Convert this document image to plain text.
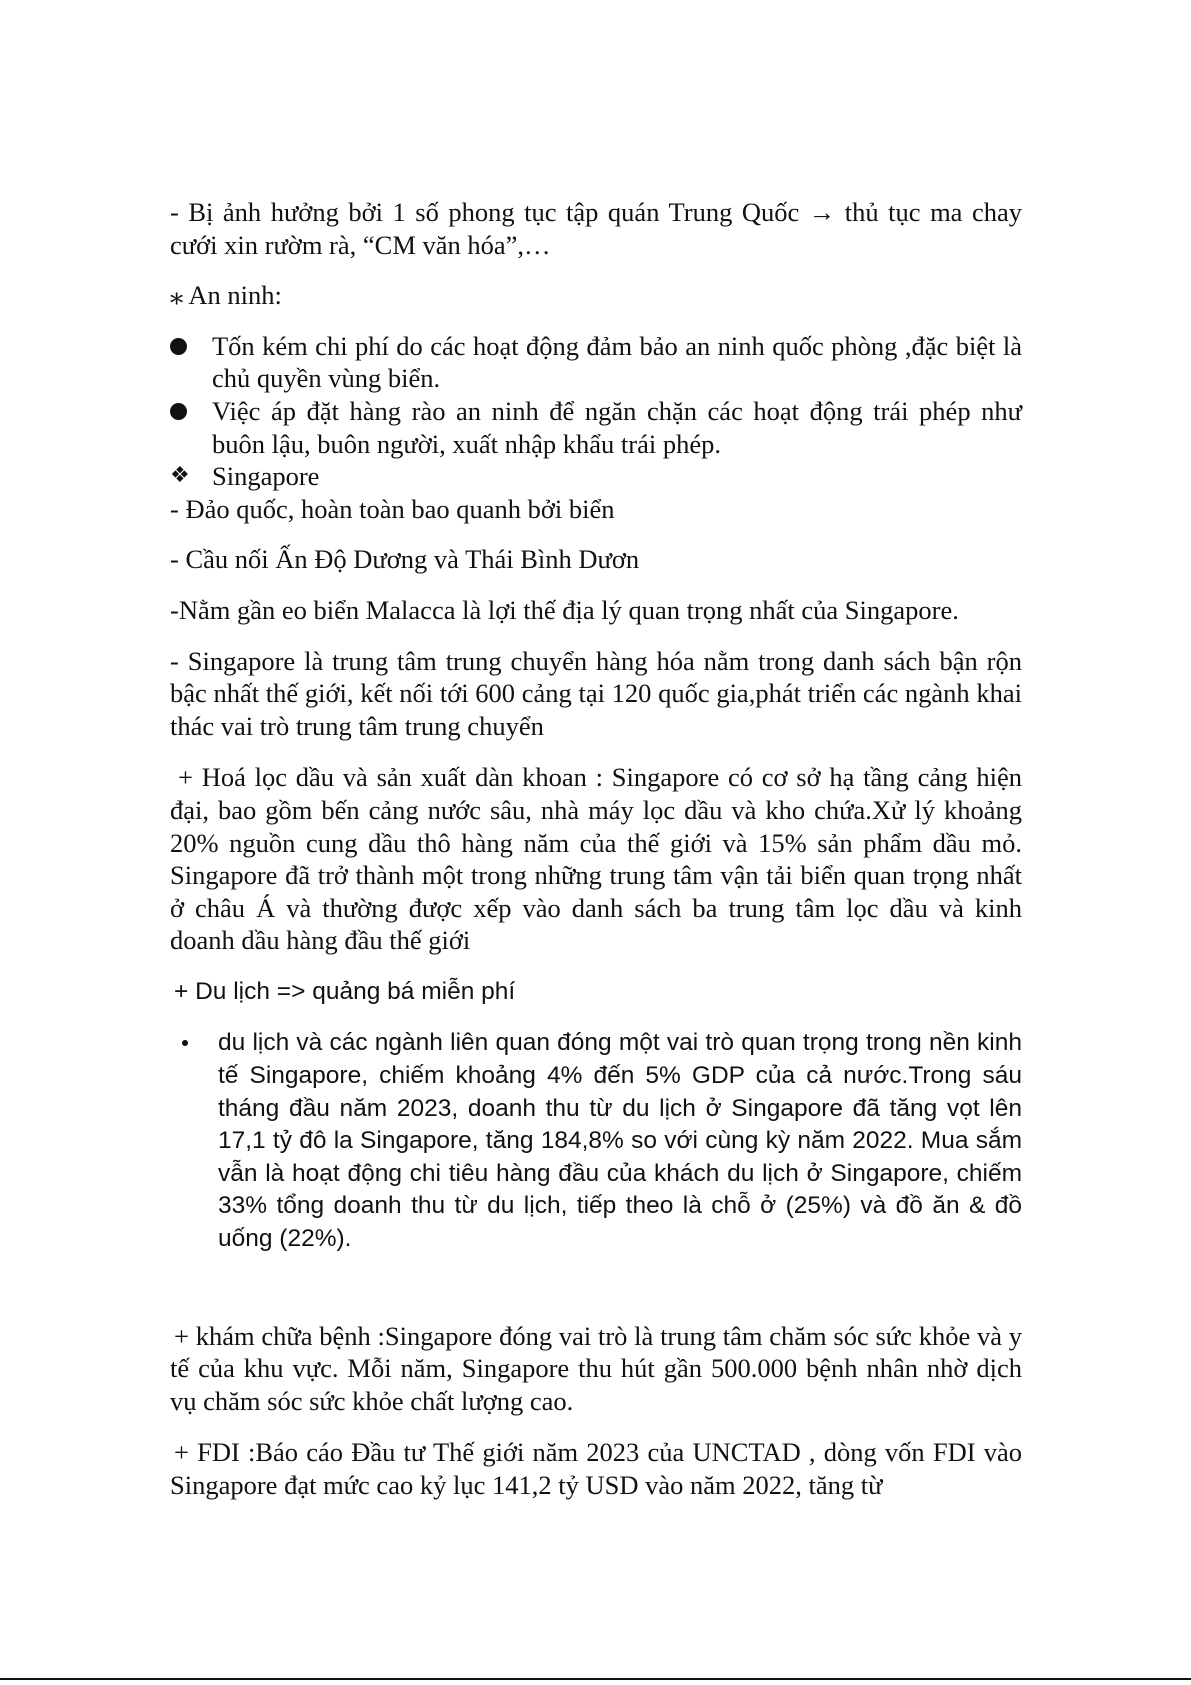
- Bị ảnh hưởng bởi 1 số phong tục tập quán Trung Quốc → thủ tục ma chay cưới xin rườm rà, “CM văn hóa”,…

⁎ An ninh:

Tốn kém chi phí do các hoạt động đảm bảo an ninh quốc phòng ,đặc biệt là chủ quyền vùng biển.
Việc áp đặt hàng rào an ninh để ngăn chặn các hoạt động trái phép như buôn lậu, buôn người, xuất nhập khẩu trái phép.
❖ Singapore

- Đảo quốc, hoàn toàn bao quanh bởi biển

- Cầu nối Ấn Độ Dương và Thái Bình Dươn

-Nằm gần eo biển Malacca là lợi thế địa lý quan trọng nhất của Singapore.

- Singapore là trung tâm trung chuyển hàng hóa nằm trong danh sách bận rộn bậc nhất thế giới, kết nối tới 600 cảng tại 120 quốc gia,phát triển các ngành khai thác vai trò trung tâm trung chuyển

+ Hoá lọc dầu và sản xuất dàn khoan : Singapore có cơ sở hạ tầng cảng hiện đại, bao gồm bến cảng nước sâu, nhà máy lọc dầu và kho chứa.Xử lý khoảng 20% nguồn cung dầu thô hàng năm của thế giới và 15% sản phẩm dầu mỏ. Singapore đã trở thành một trong những trung tâm vận tải biển quan trọng nhất ở châu Á và thường được xếp vào danh sách ba trung tâm lọc dầu và kinh doanh dầu hàng đầu thế giới

+ Du lịch => quảng bá miễn phí

du lịch và các ngành liên quan đóng một vai trò quan trọng trong nền kinh tế Singapore, chiếm khoảng 4% đến 5% GDP của cả nước.Trong sáu tháng đầu năm 2023, doanh thu từ du lịch ở Singapore đã tăng vọt lên 17,1 tỷ đô la Singapore, tăng 184,8% so với cùng kỳ năm 2022. Mua sắm vẫn là hoạt động chi tiêu hàng đầu của khách du lịch ở Singapore, chiếm 33% tổng doanh thu từ du lịch, tiếp theo là chỗ ở (25%) và đồ ăn & đồ uống (22%).

+ khám chữa bệnh :Singapore đóng vai trò là trung tâm chăm sóc sức khỏe và y tế của khu vực. Mỗi năm, Singapore thu hút gần 500.000 bệnh nhân nhờ dịch vụ chăm sóc sức khỏe chất lượng cao.

+ FDI :Báo cáo Đầu tư Thế giới năm 2023 của UNCTAD , dòng vốn FDI vào Singapore đạt mức cao kỷ lục 141,2 tỷ USD vào năm 2022, tăng từ
